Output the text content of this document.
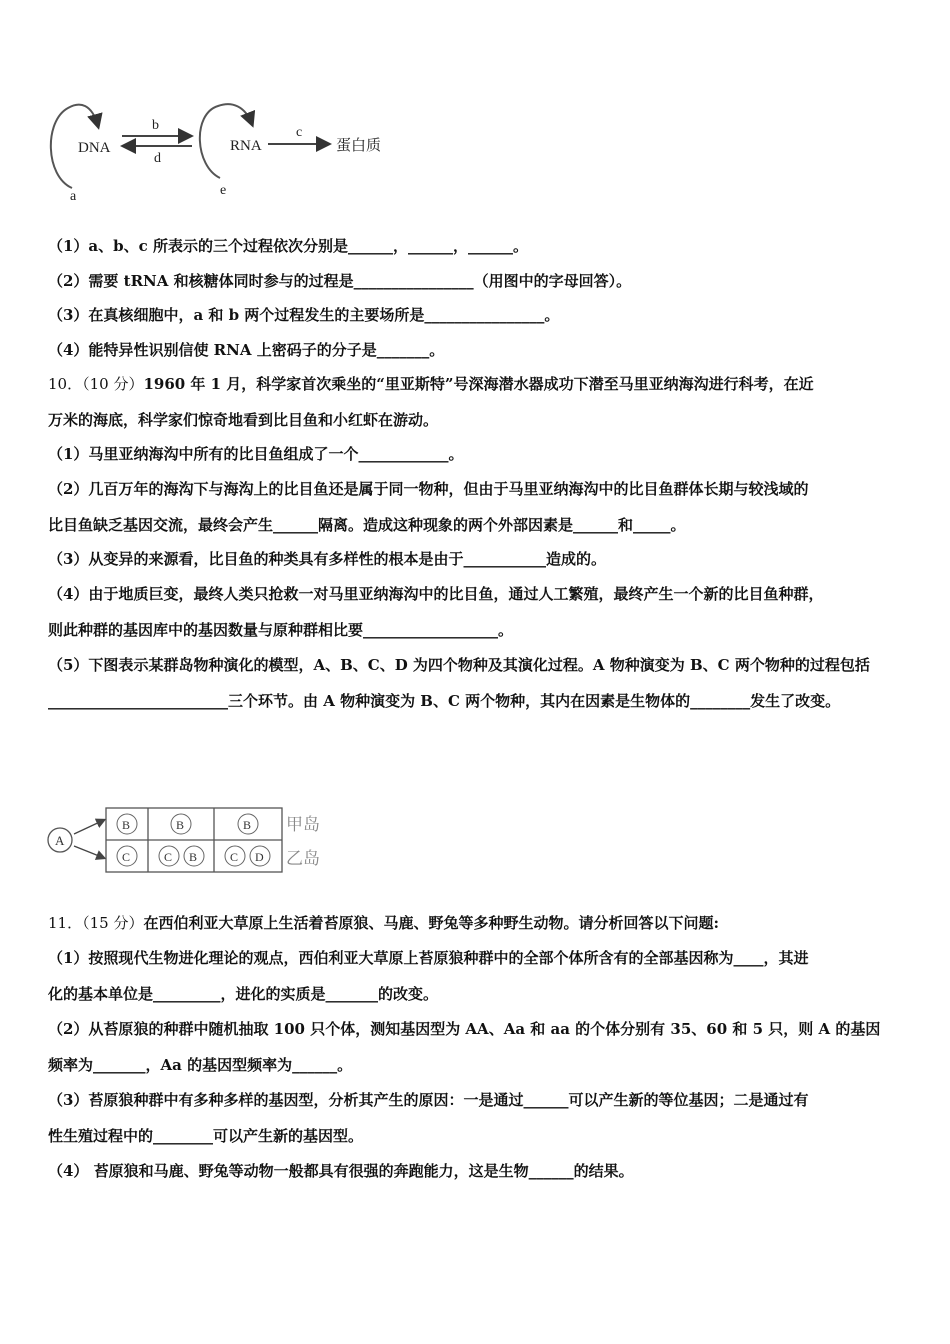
DNA
a
b
d
RNA
e
c
蛋白质
（1）a、b、c 所表示的三个过程依次分别是______，______，______。
（2）需要 tRNA 和核糖体同时参与的过程是________________（用图中的字母回答）。
（3）在真核细胞中，a 和 b 两个过程发生的主要场所是________________。
（4）能特异性识别信使 RNA 上密码子的分子是_______。
10．（10 分）1960 年 1 月，科学家首次乘坐的“里亚斯特”号深海潜水器成功下潜至马里亚纳海沟进行科考，在近
万米的海底，科学家们惊奇地看到比目鱼和小红虾在游动。
（1）马里亚纳海沟中所有的比目鱼组成了一个____________。
（2）几百万年的海沟下与海沟上的比目鱼还是属于同一物种，但由于马里亚纳海沟中的比目鱼群体长期与较浅域的
比目鱼缺乏基因交流，最终会产生______隔离。造成这种现象的两个外部因素是______和_____。
（3）从变异的来源看，比目鱼的种类具有多样性的根本是由于___________造成的。
（4）由于地质巨变，最终人类只抢救一对马里亚纳海沟中的比目鱼，通过人工繁殖，最终产生一个新的比目鱼种群，
则此种群的基因库中的基因数量与原种群相比要__________________。
（5）下图表示某群岛物种演化的模型，A、B、C、D 为四个物种及其演化过程。A 物种演变为 B、C 两个物种的过程包括
________________________三个环节。由 A 物种演变为 B、C 两个物种，其内在因素是生物体的________发生了改变。
A
B	B	B
C	C B	C D
甲岛
乙岛
11．（15 分）在西伯利亚大草原上生活着苔原狼、马鹿、野兔等多种野生动物。请分析回答以下问题:
（1）按照现代生物进化理论的观点，西伯利亚大草原上苔原狼种群中的全部个体所含有的全部基因称为____，其进
化的基本单位是_________，进化的实质是_______的改变。
（2）从苔原狼的种群中随机抽取 100 只个体，测知基因型为 AA、Aa 和 aa 的个体分别有 35、60 和 5 只，则 A 的基因
频率为_______，Aa 的基因型频率为______。
（3）苔原狼种群中有多种多样的基因型，分析其产生的原因：一是通过______可以产生新的等位基因；二是通过有
性生殖过程中的________可以产生新的基因型。
（4） 苔原狼和马鹿、野兔等动物一般都具有很强的奔跑能力，这是生物______的结果。
